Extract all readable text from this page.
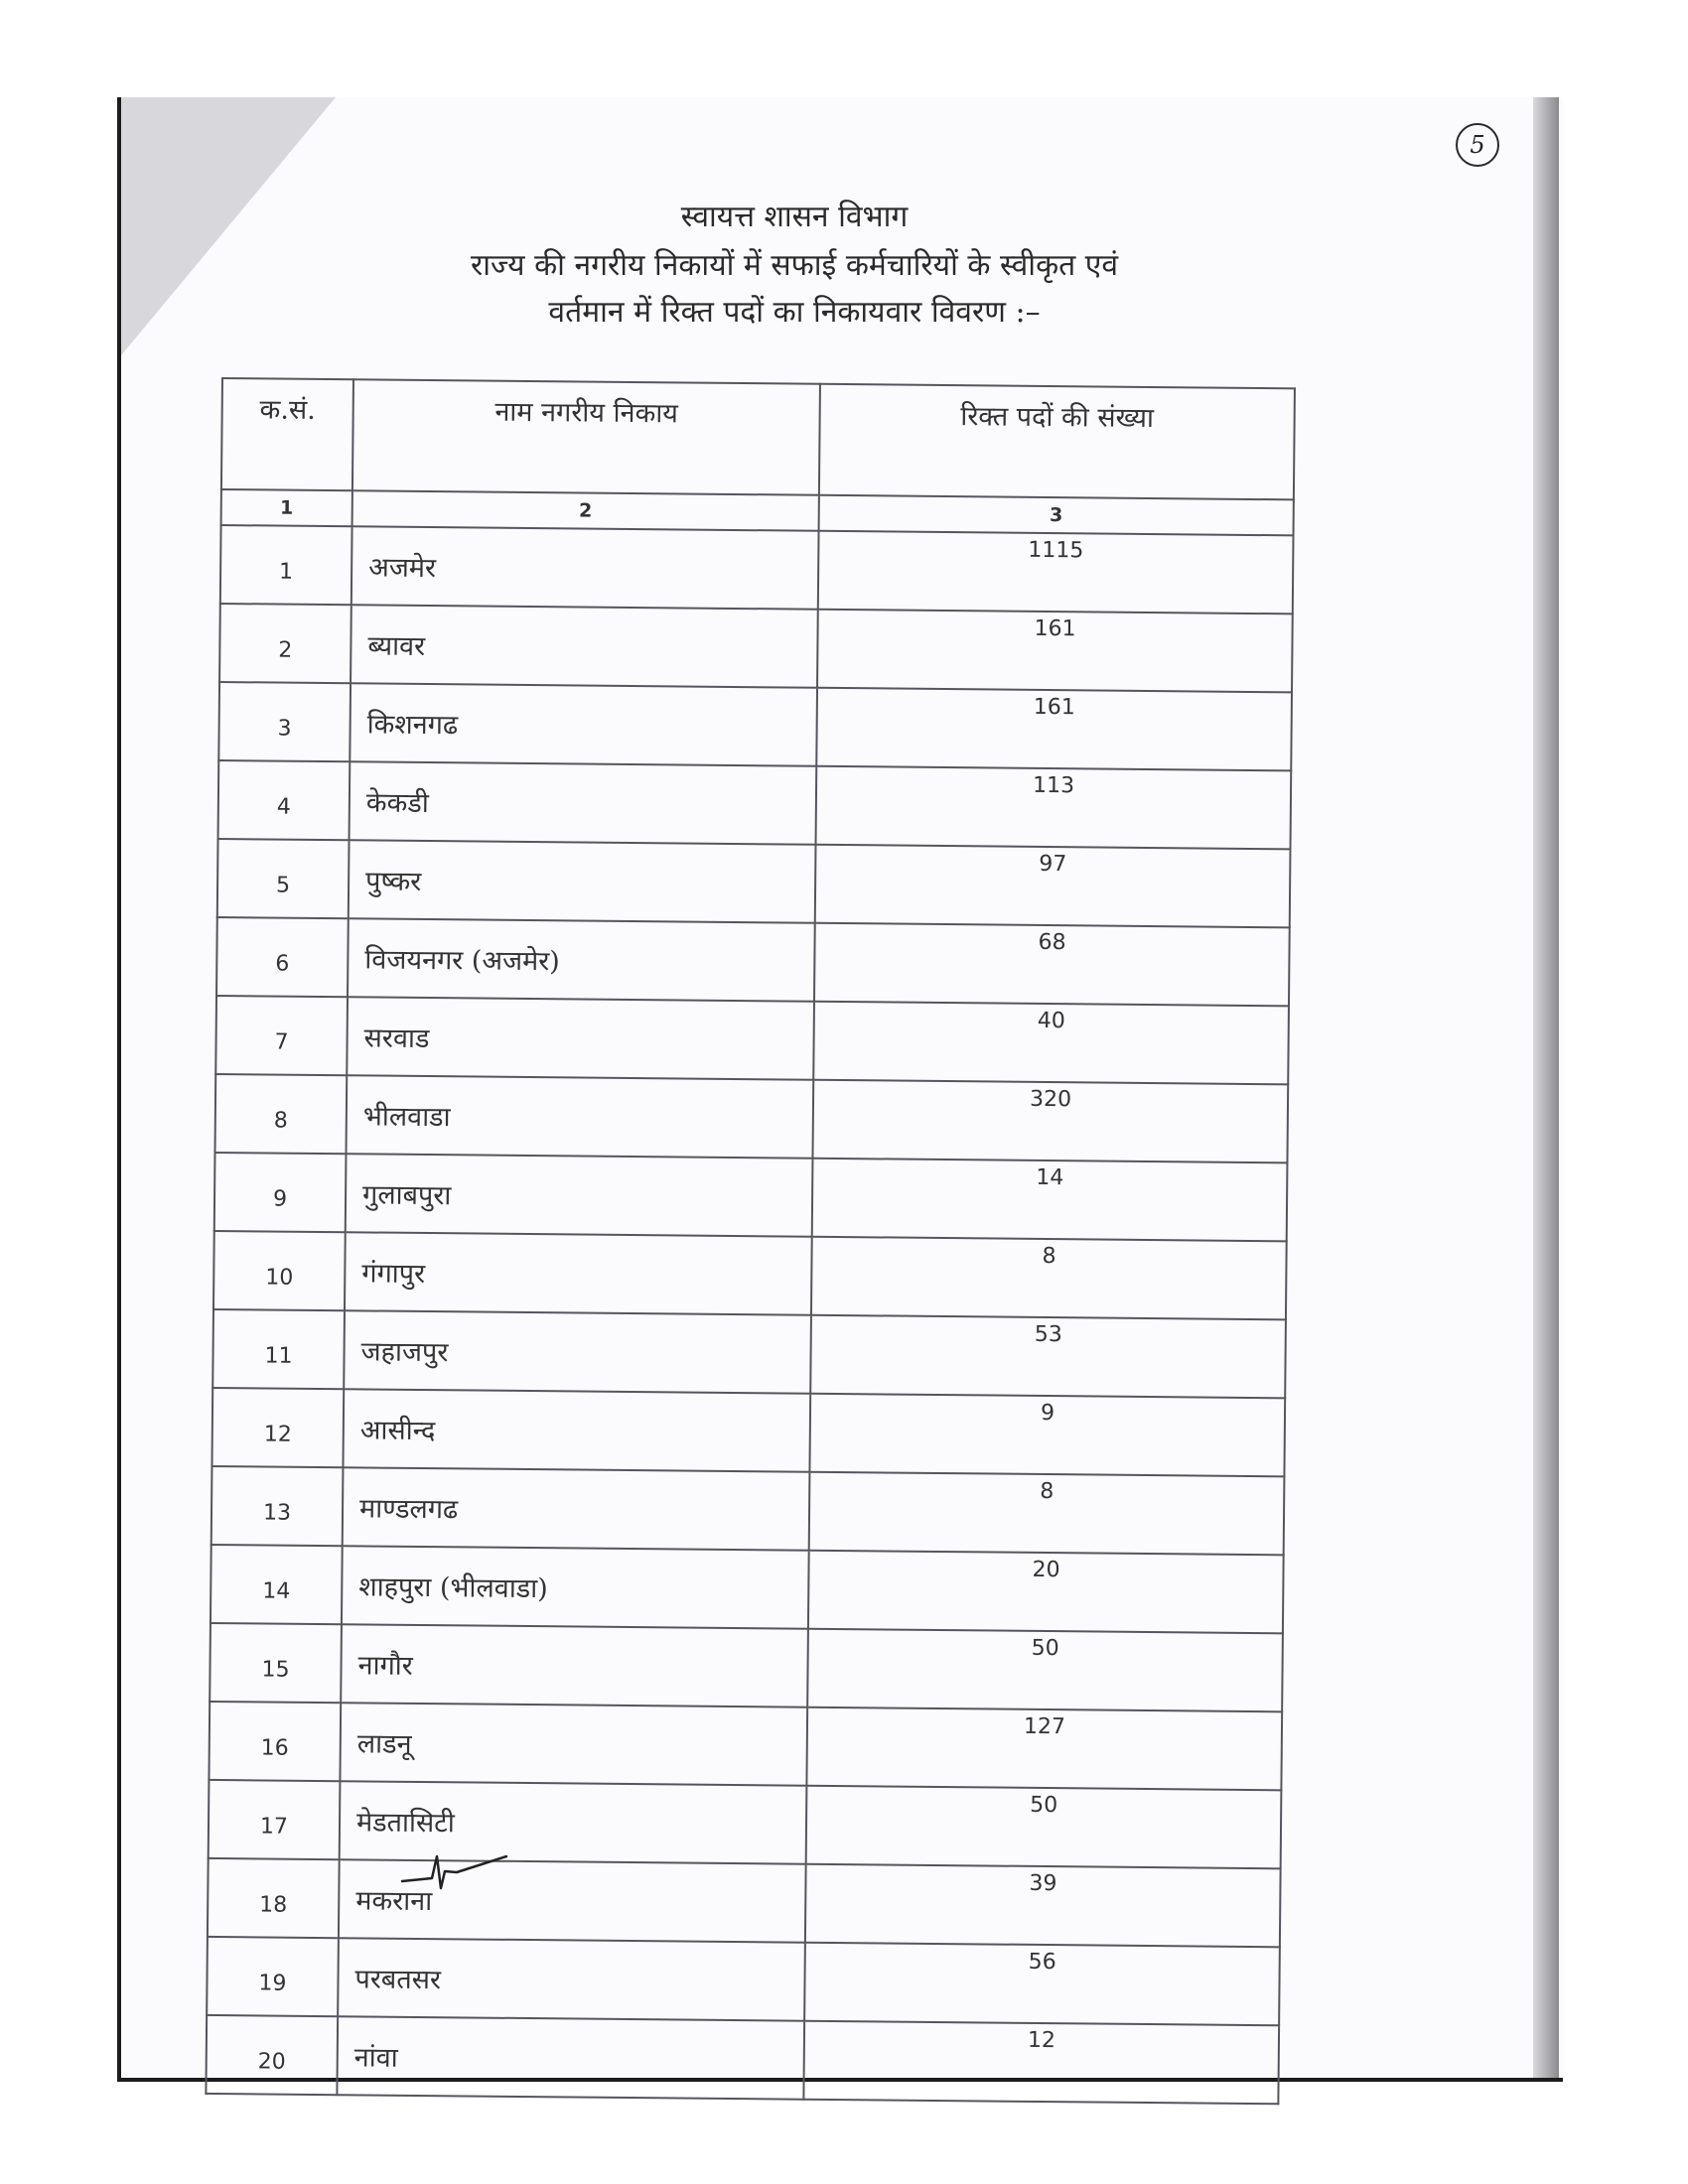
5
स्वायत्त शासन विभाग
राज्य की नगरीय निकायों में सफाई कर्मचारियों के स्वीकृत एवं
वर्तमान में रिक्त पदों का निकायवार विवरण :–
क.सं.	नाम नगरीय निकाय	रिक्त पदों की संख्या
1	2	3
1	अजमेर	1115
2	ब्यावर	161
3	किशनगढ	161
4	केकडी	113
5	पुष्कर	97
6	विजयनगर (अजमेर)	68
7	सरवाड	40
8	भीलवाडा	320
9	गुलाबपुरा	14
10	गंगापुर	8
11	जहाजपुर	53
12	आसीन्द	9
13	माण्डलगढ	8
14	शाहपुरा (भीलवाडा)	20
15	नागौर	50
16	लाडनू	127
17	मेडतासिटी	50
18	मकराना	39
19	परबतसर	56
20	नांवा	12
